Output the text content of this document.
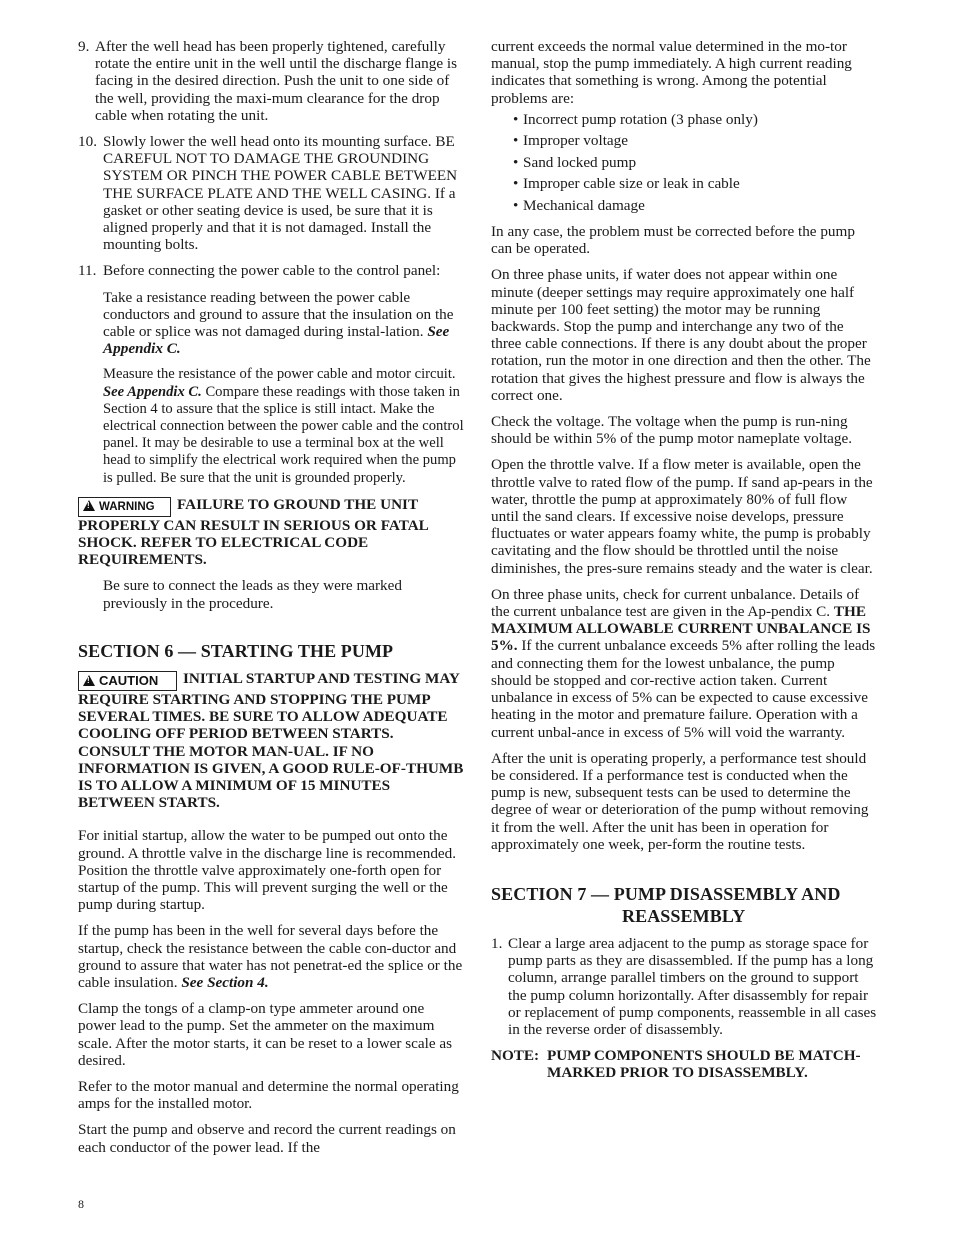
9. After the well head has been properly tightened, carefully rotate the entire unit in the well until the discharge flange is facing in the desired direction. Push the unit to one side of the well, providing the maxi-mum clearance for the drop cable when rotating the unit.
10. Slowly lower the well head onto its mounting surface. BE CAREFUL NOT TO DAMAGE THE GROUNDING SYSTEM OR PINCH THE POWER CABLE BETWEEN THE SURFACE PLATE AND THE WELL CASING. If a gasket or other seating device is used, be sure that it is aligned properly and that it is not damaged. Install the mounting bolts.
11. Before connecting the power cable to the control panel:

Take a resistance reading between the power cable conductors and ground to assure that the insulation on the cable or splice was not damaged during instal-lation. See Appendix C.

Measure the resistance of the power cable and motor circuit. See Appendix C. Compare these readings with those taken in Section 4 to assure that the splice is still intact. Make the electrical connection between the power cable and the control panel. It may be desirable to use a terminal box at the well head to simplify the electrical work required when the pump is pulled. Be sure that the unit is grounded properly.

!WARNING FAILURE TO GROUND THE UNIT PROPERLY CAN RESULT IN SERIOUS OR FATAL SHOCK. REFER TO ELECTRICAL CODE REQUIREMENTS.

Be sure to connect the leads as they were marked previously in the procedure.

SECTION 6 — STARTING THE PUMP
!CAUTION INITIAL STARTUP AND TESTING MAY REQUIRE STARTING AND STOPPING THE PUMP SEVERAL TIMES. BE SURE TO ALLOW ADEQUATE COOLING OFF PERIOD BETWEEN STARTS. CONSULT THE MOTOR MAN-UAL. IF NO INFORMATION IS GIVEN, A GOOD RULE-OF-THUMB IS TO ALLOW A MINIMUM OF 15 MINUTES BETWEEN STARTS.

For initial startup, allow the water to be pumped out onto the ground. A throttle valve in the discharge line is recommended. Position the throttle valve approximately one-forth open for startup of the pump. This will prevent surging the well or the pump during startup.

If the pump has been in the well for several days before the startup, check the resistance between the cable con-ductor and ground to assure that water has not penetrat-ed the splice or the cable insulation. See Section 4.

Clamp the tongs of a clamp-on type ammeter around one power lead to the pump. Set the ammeter on the maximum scale. After the motor starts, it can be reset to a lower scale as desired.

Refer to the motor manual and determine the normal operating amps for the installed motor.

Start the pump and observe and record the current readings on each conductor of the power lead. If the

current exceeds the normal value determined in the mo-tor manual, stop the pump immediately. A high current reading indicates that something is wrong. Among the potential problems are:

• Incorrect pump rotation (3 phase only)
• Improper voltage
• Sand locked pump
• Improper cable size or leak in cable
• Mechanical damage

In any case, the problem must be corrected before the pump can be operated.

On three phase units, if water does not appear within one minute (deeper settings may require approximately one half minute per 100 feet setting) the motor may be running backwards. Stop the pump and interchange any two of the three cable connections. If there is any doubt about the proper rotation, run the motor in one direction and then the other. The rotation that gives the highest pressure and flow is always the correct one.

Check the voltage. The voltage when the pump is run-ning should be within 5% of the pump motor nameplate voltage.

Open the throttle valve. If a flow meter is available, open the throttle valve to rated flow of the pump. If sand ap-pears in the water, throttle the pump at approximately 80% of full flow until the sand clears. If excessive noise develops, pressure fluctuates or water appears foamy white, the pump is probably cavitating and the flow should be throttled until the noise diminishes, the pres-sure remains steady and the water is clear.

On three phase units, check for current unbalance. Details of the current unbalance test are given in the Ap-pendix C. THE MAXIMUM ALLOWABLE CURRENT UNBALANCE IS 5%. If the current unbalance exceeds 5% after rolling the leads and connecting them for the lowest unbalance, the pump should be stopped and cor-rective action taken. Current unbalance in excess of 5% can be expected to cause excessive heating in the motor and premature failure. Operation with a current unbal-ance in excess of 5% will void the warranty.

After the unit is operating properly, a performance test should be considered. If a performance test is conducted when the pump is new, subsequent tests can be used to determine the degree of wear or deterioration of the pump without removing it from the well. After the unit has been in operation for approximately one week, per-form the routine tests.

SECTION 7 — PUMP DISASSEMBLY AND
REASSEMBLY
1. Clear a large area adjacent to the pump as storage space for pump parts as they are disassembled. If the pump has a long column, arrange parallel timbers on the ground to support the pump column horizontally. After disassembly for repair or replacement of pump components, reassemble in all cases in the reverse order of disassembly.
NOTE: PUMP COMPONENTS SHOULD BE MATCH-MARKED PRIOR TO DISASSEMBLY.
8
